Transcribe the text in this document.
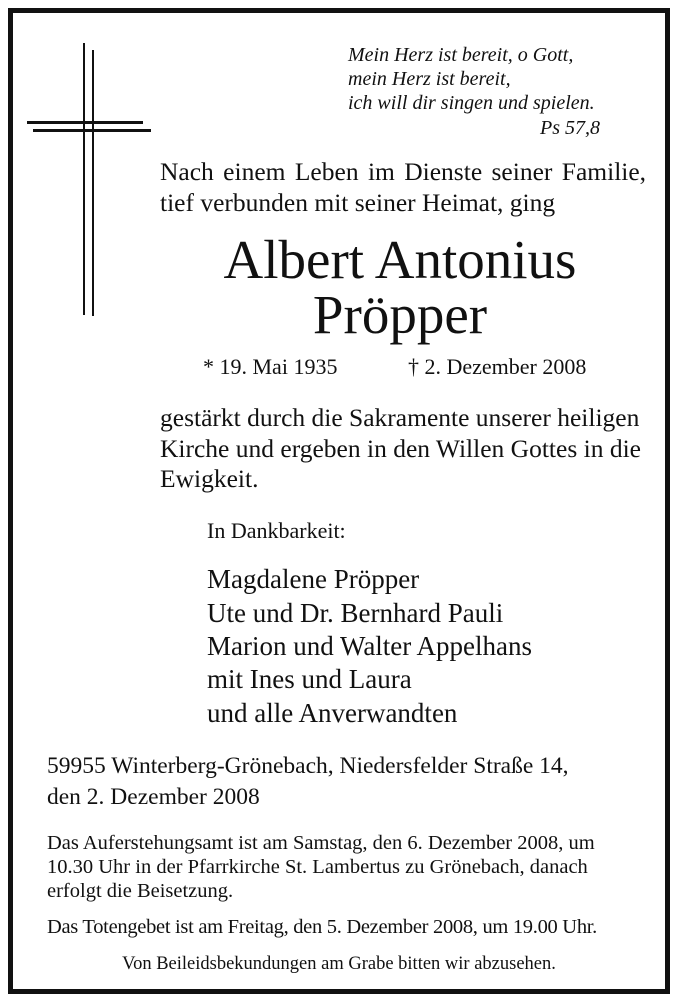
Mein Herz ist bereit, o Gott,
mein Herz ist bereit,
ich will dir singen und spielen.
Ps 57,8
Nach einem Leben im Dienste seiner Familie,
tief verbunden mit seiner Heimat, ging
Albert Antonius
Pröpper
* 19. Mai 1935	† 2. Dezember 2008
gestärkt durch die Sakramente unserer heiligen
Kirche und ergeben in den Willen Gottes in die
Ewigkeit.
In Dankbarkeit:
Magdalene Pröpper
Ute und Dr. Bernhard Pauli
Marion und Walter Appelhans
mit Ines und Laura
und alle Anverwandten
59955 Winterberg-Grönebach, Niedersfelder Straße 14,
den 2. Dezember 2008
Das Auferstehungsamt ist am Samstag, den 6. Dezember 2008, um
10.30 Uhr in der Pfarrkirche St. Lambertus zu Grönebach, danach
erfolgt die Beisetzung.
Das Totengebet ist am Freitag, den 5. Dezember 2008, um 19.00 Uhr.
Von Beileidsbekundungen am Grabe bitten wir abzusehen.
